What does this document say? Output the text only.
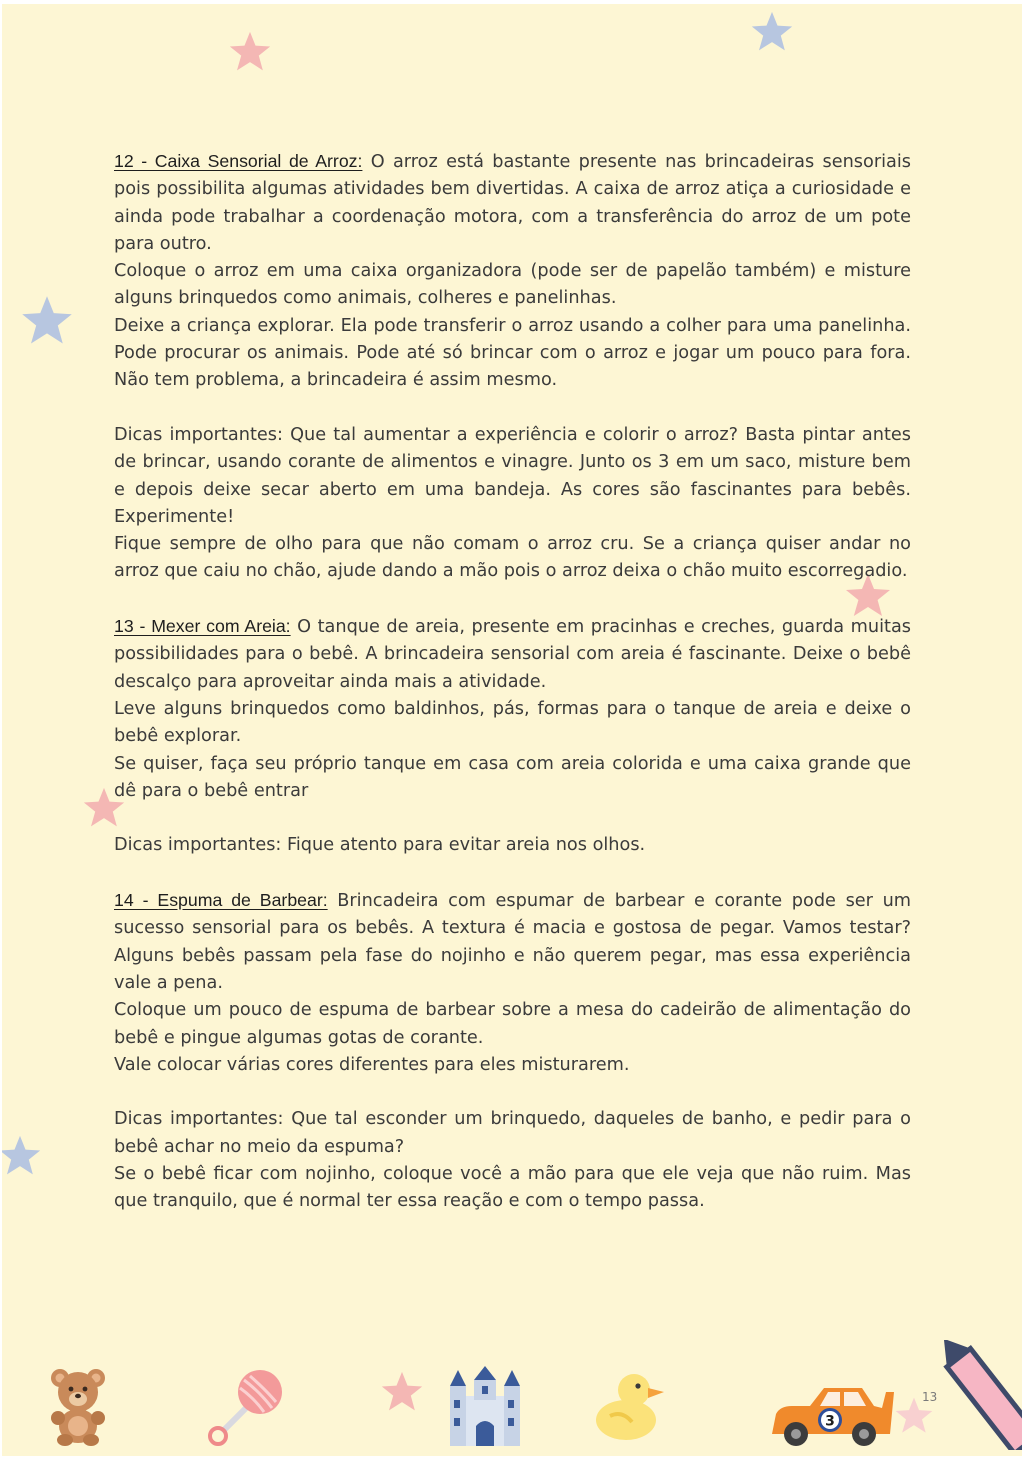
12 - Caixa Sensorial de Arroz: O arroz está bastante presente nas brincadeiras sensoriais pois possibilita algumas atividades bem divertidas. A caixa de arroz atiça a curiosidade e ainda pode trabalhar a coordenação motora, com a transferência do arroz de um pote para outro.

Coloque o arroz em uma caixa organizadora (pode ser de papelão também) e misture alguns brinquedos como animais, colheres e panelinhas.

Deixe a criança explorar. Ela pode transferir o arroz usando a colher para uma panelinha. Pode procurar os animais. Pode até só brincar com o arroz e jogar um pouco para fora. Não tem problema, a brincadeira é assim mesmo.

Dicas importantes: Que tal aumentar a experiência e colorir o arroz? Basta pintar antes de brincar, usando corante de alimentos e vinagre. Junto os 3 em um saco, misture bem e depois deixe secar aberto em uma bandeja. As cores são fascinantes para bebês. Experimente!

Fique sempre de olho para que não comam o arroz cru. Se a criança quiser andar no arroz que caiu no chão, ajude dando a mão pois o arroz deixa o chão muito escorregadio.

13 - Mexer com Areia: O tanque de areia, presente em pracinhas e creches, guarda muitas possibilidades para o bebê. A brincadeira sensorial com areia é fascinante. Deixe o bebê descalço para aproveitar ainda mais a atividade.

Leve alguns brinquedos como baldinhos, pás, formas para o tanque de areia e deixe o bebê explorar.

Se quiser, faça seu próprio tanque em casa com areia colorida e uma caixa grande que dê para o bebê entrar

Dicas importantes: Fique atento para evitar areia nos olhos.

14 - Espuma de Barbear: Brincadeira com espumar de barbear e corante pode ser um sucesso sensorial para os bebês. A textura é macia e gostosa de pegar. Vamos testar? Alguns bebês passam pela fase do nojinho e não querem pegar, mas essa experiência vale a pena.

Coloque um pouco de espuma de barbear sobre a mesa do cadeirão de alimentação do bebê e pingue algumas gotas de corante.

Vale colocar várias cores diferentes para eles misturarem.

Dicas importantes: Que tal esconder um brinquedo, daqueles de banho, e pedir para o bebê achar no meio da espuma?

Se o bebê ficar com nojinho, coloque você a mão para que ele veja que não ruim. Mas que tranquilo, que é normal ter essa reação e com o tempo passa.

3
13
